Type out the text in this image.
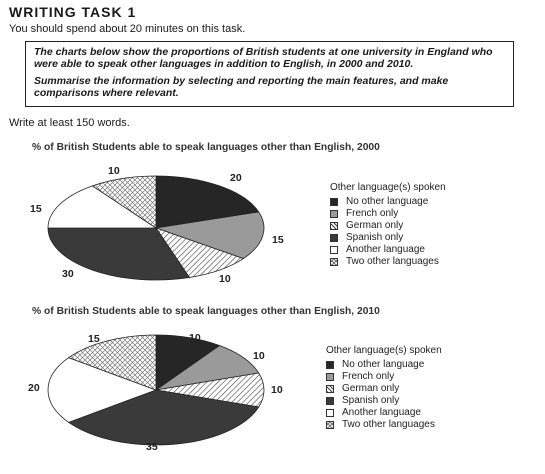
WRITING TASK 1
You should spend about 20 minutes on this task.

The charts below show the proportions of British students at one university in England who were able to speak other languages in addition to English, in 2000 and 2010.

Summarise the information by selecting and reporting the main features, and make comparisons where relevant.

Write at least 150 words.
% of British Students able to speak languages other than English, 2000
% of British Students able to speak languages other than English, 2010
Other language(s) spoken
No other language
French only
German only
Spanish only
Another language
Two other languages
Other language(s) spoken
No other language
French only
German only
Spanish only
Another language
Two other languages
20
15
10
30
15
10
10
10
10
35
20
15
